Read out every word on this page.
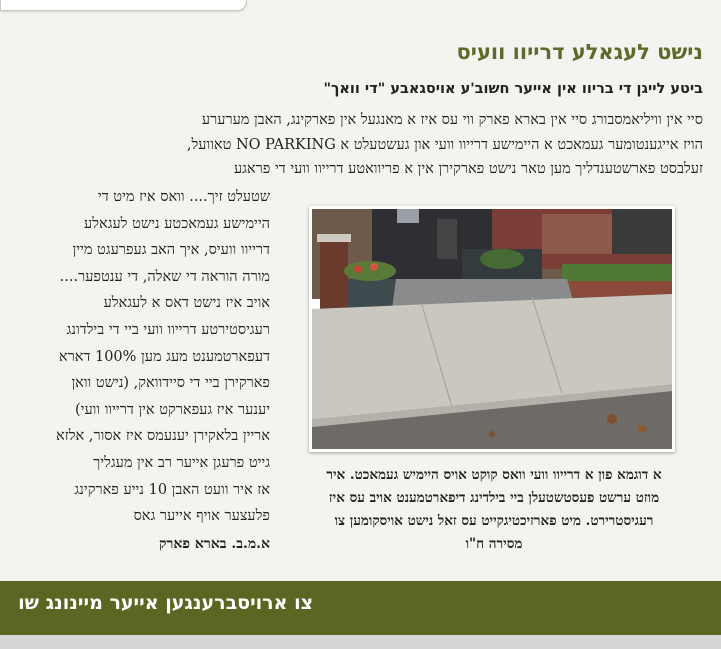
נישט לעגאלע דרייוו וועיס
ביטע לייגן די בריוו אין אייער חשוב'ע אויסגאבע "די וואך"
סיי אין וויליאמסבורג סיי אין בארא פארק ווי עס איז א מאנגעל אין פארקינג, האבן מערערע
הויז אייגענטומער געמאכט א היימישע דרייוו וועי און געשטעלט א NO PARKING טאוועל,
זעלבסט פארשטענדליך מען טאר נישט פארקירן אין א פריוואטע דרייוו וועי די פראגע
שטעלט זיך.... וואס איז מיט די
היימישע געמאכטע נישט לעגאלע
דרייוו וועיס, איך האב געפרעגט מיין
מורה הוראה די שאלה, די ענטפער....
אויב איז נישט דאס א לעגאלע
רעגיסטירטע דרייוו וועי ביי די בילדונג
דעפארטמענט מעג מען 100% דארא
פארקירן ביי די סיידוואק, (נישט וואן
יענער איז געפארקט אין דרייוו וועי)
אריין בלאקירן יענעמס איז אסור, אלזא
גייט פרעגן אייער רב אין מעגליך
אז איר וועט האבן 10 נייע פארקינג
פלעצער אויף אייער גאס
א.מ.ב. בארא פארק
א דוגמא פון א דרייוו וועי וואס קוקט אויס היימיש געמאכט. איר
מוזט ערשט פעסטשטעלן ביי בילדינג דיפארטמענט אויב עס איז
רעגיסטרירט. מיט פארזיכטיגקייט עס זאל נישט אויסקומען צו
מסירה ח"ו
צו ארויסברענגען אייער מיינונג שו
